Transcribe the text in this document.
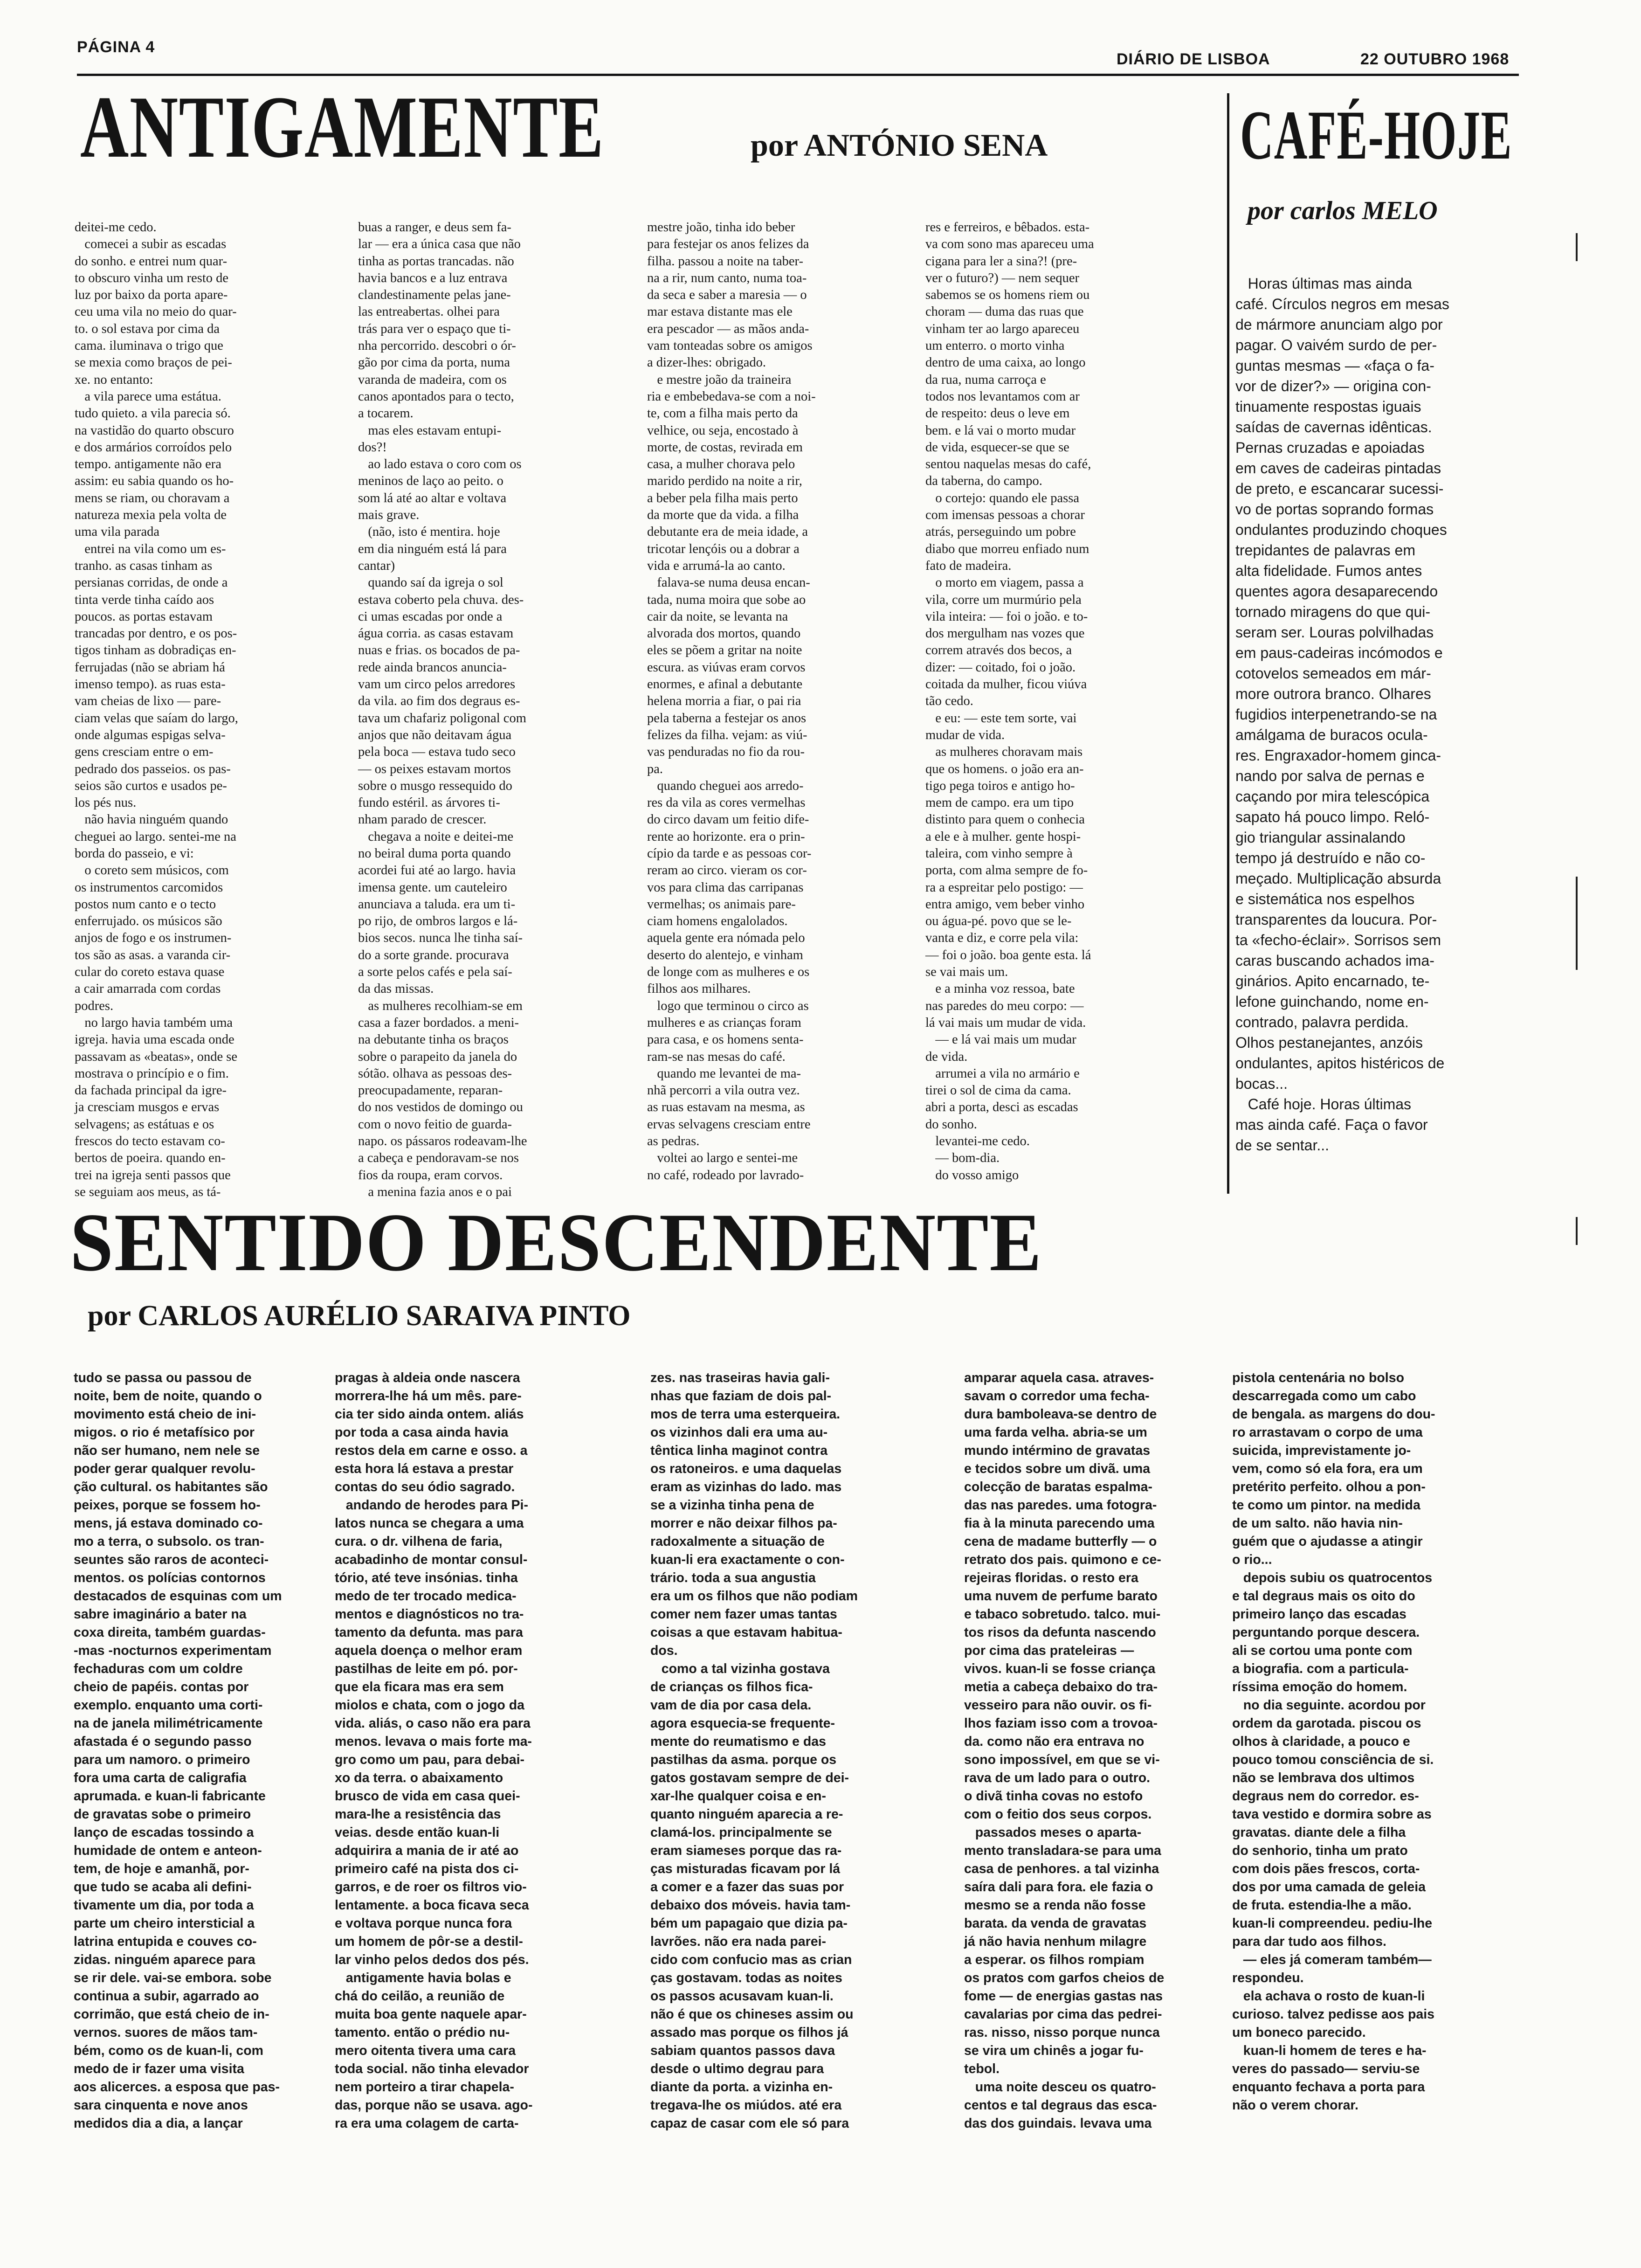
PÁGINA 4
DIÁRIO DE LISBOA	22 OUTUBRO 1968
ANTIGAMENTE	por ANTÓNIO SENA
deitei-me cedo.
comecei a subir as escadas
do sonho. e entrei num quar-
to obscuro vinha um resto de
luz por baixo da porta apare-
ceu uma vila no meio do quar-
to. o sol estava por cima da
cama. iluminava o trigo que
se mexia como braços de pei-
xe. no entanto:
a vila parece uma estátua.
tudo quieto. a vila parecia só.
na vastidão do quarto obscuro
e dos armários corroídos pelo
tempo. antigamente não era
assim: eu sabia quando os ho-
mens se riam, ou choravam a
natureza mexia pela volta de
uma vila parada
entrei na vila como um es-
tranho. as casas tinham as
persianas corridas, de onde a
tinta verde tinha caído aos
poucos. as portas estavam
trancadas por dentro, e os pos-
tigos tinham as dobradiças en-
ferrujadas (não se abriam há
imenso tempo). as ruas esta-
vam cheias de lixo — pare-
ciam velas que saíam do largo,
onde algumas espigas selva-
gens cresciam entre o em-
pedrado dos passeios. os pas-
seios são curtos e usados pe-
los pés nus.
não havia ninguém quando
cheguei ao largo. sentei-me na
borda do passeio, e vi:
o coreto sem músicos, com
os instrumentos carcomidos
postos num canto e o tecto
enferrujado. os músicos são
anjos de fogo e os instrumen-
tos são as asas. a varanda cir-
cular do coreto estava quase
a cair amarrada com cordas
podres.
no largo havia também uma
igreja. havia uma escada onde
passavam as «beatas», onde se
mostrava o princípio e o fim.
da fachada principal da igre-
ja cresciam musgos e ervas
selvagens; as estátuas e os
frescos do tecto estavam co-
bertos de poeira. quando en-
trei na igreja senti passos que
se seguiam aos meus, as tá-
buas a ranger, e deus sem fa-
lar — era a única casa que não
tinha as portas trancadas. não
havia bancos e a luz entrava
clandestinamente pelas jane-
las entreabertas. olhei para
trás para ver o espaço que ti-
nha percorrido. descobri o ór-
gão por cima da porta, numa
varanda de madeira, com os
canos apontados para o tecto,
a tocarem.
mas eles estavam entupi-
dos?!
ao lado estava o coro com os
meninos de laço ao peito. o
som lá até ao altar e voltava
mais grave.
(não, isto é mentira. hoje
em dia ninguém está lá para
cantar)
quando saí da igreja o sol
estava coberto pela chuva. des-
ci umas escadas por onde a
água corria. as casas estavam
nuas e frias. os bocados de pa-
rede ainda brancos anuncia-
vam um circo pelos arredores
da vila. ao fim dos degraus es-
tava um chafariz poligonal com
anjos que não deitavam água
pela boca — estava tudo seco
— os peixes estavam mortos
sobre o musgo ressequido do
fundo estéril. as árvores ti-
nham parado de crescer.
chegava a noite e deitei-me
no beiral duma porta quando
acordei fui até ao largo. havia
imensa gente. um cauteleiro
anunciava a taluda. era um ti-
po rijo, de ombros largos e lá-
bios secos. nunca lhe tinha saí-
do a sorte grande. procurava
a sorte pelos cafés e pela saí-
da das missas.
as mulheres recolhiam-se em
casa a fazer bordados. a meni-
na debutante tinha os braços
sobre o parapeito da janela do
sótão. olhava as pessoas des-
preocupadamente, reparan-
do nos vestidos de domingo ou
com o novo feitio de guarda-
napo. os pássaros rodeavam-lhe
a cabeça e pendoravam-se nos
fios da roupa, eram corvos.
a menina fazia anos e o pai
mestre joão, tinha ido beber
para festejar os anos felizes da
filha. passou a noite na taber-
na a rir, num canto, numa toa-
da seca e saber a maresia — o
mar estava distante mas ele
era pescador — as mãos anda-
vam tonteadas sobre os amigos
a dizer-lhes: obrigado.
e mestre joão da traineira
ria e embebedava-se com a noi-
te, com a filha mais perto da
velhice, ou seja, encostado à
morte, de costas, revirada em
casa, a mulher chorava pelo
marido perdido na noite a rir,
a beber pela filha mais perto
da morte que da vida. a filha
debutante era de meia idade, a
tricotar lençóis ou a dobrar a
vida e arrumá-la ao canto.
falava-se numa deusa encan-
tada, numa moira que sobe ao
cair da noite, se levanta na
alvorada dos mortos, quando
eles se põem a gritar na noite
escura. as viúvas eram corvos
enormes, e afinal a debutante
helena morria a fiar, o pai ria
pela taberna a festejar os anos
felizes da filha. vejam: as viú-
vas penduradas no fio da rou-
pa.
quando cheguei aos arredo-
res da vila as cores vermelhas
do circo davam um feitio dife-
rente ao horizonte. era o prin-
cípio da tarde e as pessoas cor-
reram ao circo. vieram os cor-
vos para clima das carripanas
vermelhas; os animais pare-
ciam homens engalolados.
aquela gente era nómada pelo
deserto do alentejo, e vinham
de longe com as mulheres e os
filhos aos milhares.
logo que terminou o circo as
mulheres e as crianças foram
para casa, e os homens senta-
ram-se nas mesas do café.
quando me levantei de ma-
nhã percorri a vila outra vez.
as ruas estavam na mesma, as
ervas selvagens cresciam entre
as pedras.
voltei ao largo e sentei-me
no café, rodeado por lavrado-
res e ferreiros, e bêbados. esta-
va com sono mas apareceu uma
cigana para ler a sina?! (pre-
ver o futuro?) — nem sequer
sabemos se os homens riem ou
choram — duma das ruas que
vinham ter ao largo apareceu
um enterro. o morto vinha
dentro de uma caixa, ao longo
da rua, numa carroça e
todos nos levantamos com ar
de respeito: deus o leve em
bem. e lá vai o morto mudar
de vida, esquecer-se que se
sentou naquelas mesas do café,
da taberna, do campo.
o cortejo: quando ele passa
com imensas pessoas a chorar
atrás, perseguindo um pobre
diabo que morreu enfiado num
fato de madeira.
o morto em viagem, passa a
vila, corre um murmúrio pela
vila inteira: — foi o joão. e to-
dos mergulham nas vozes que
correm através dos becos, a
dizer: — coitado, foi o joão.
coitada da mulher, ficou viúva
tão cedo.
e eu: — este tem sorte, vai
mudar de vida.
as mulheres choravam mais
que os homens. o joão era an-
tigo pega toiros e antigo ho-
mem de campo. era um tipo
distinto para quem o conhecia
a ele e à mulher. gente hospi-
taleira, com vinho sempre à
porta, com alma sempre de fo-
ra a espreitar pelo postigo: —
entra amigo, vem beber vinho
ou água-pé. povo que se le-
vanta e diz, e corre pela vila:
— foi o joão. boa gente esta. lá
se vai mais um.
e a minha voz ressoa, bate
nas paredes do meu corpo: —
lá vai mais um mudar de vida.
— e lá vai mais um mudar
de vida.
arrumei a vila no armário e
tirei o sol de cima da cama.
abri a porta, desci as escadas
do sonho.
levantei-me cedo.
— bom-dia.
do vosso amigo
CAFÉ-HOJE
por carlos MELO
Horas últimas mas ainda
café. Círculos negros em mesas
de mármore anunciam algo por
pagar. O vaivém surdo de per-
guntas mesmas — «faça o fa-
vor de dizer?» — origina con-
tinuamente respostas iguais
saídas de cavernas idênticas.
Pernas cruzadas e apoiadas
em caves de cadeiras pintadas
de preto, e escancarar sucessi-
vo de portas soprando formas
ondulantes produzindo choques
trepidantes de palavras em
alta fidelidade. Fumos antes
quentes agora desaparecendo
tornado miragens do que qui-
seram ser. Louras polvilhadas
em paus-cadeiras incómodos e
cotovelos semeados em már-
more outrora branco. Olhares
fugidios interpenetrando-se na
amálgama de buracos ocula-
res. Engraxador-homem ginca-
nando por salva de pernas e
caçando por mira telescópica
sapato há pouco limpo. Reló-
gio triangular assinalando
tempo já destruído e não co-
meçado. Multiplicação absurda
e sistemática nos espelhos
transparentes da loucura. Por-
ta «fecho-éclair». Sorrisos sem
caras buscando achados ima-
ginários. Apito encarnado, te-
lefone guinchando, nome en-
contrado, palavra perdida.
Olhos pestanejantes, anzóis
ondulantes, apitos histéricos de
bocas...
Café hoje. Horas últimas
mas ainda café. Faça o favor
de se sentar...
SENTIDO DESCENDENTE
por CARLOS AURÉLIO SARAIVA PINTO
tudo se passa ou passou de
noite, bem de noite, quando o
movimento está cheio de ini-
migos. o rio é metafísico por
não ser humano, nem nele se
poder gerar qualquer revolu-
ção cultural. os habitantes são
peixes, porque se fossem ho-
mens, já estava dominado co-
mo a terra, o subsolo. os tran-
seuntes são raros de aconteci-
mentos. os polícias contornos
destacados de esquinas com um
sabre imaginário a bater na
coxa direita, também guardas-
-mas -nocturnos experimentam
fechaduras com um coldre
cheio de papéis. contas por
exemplo. enquanto uma corti-
na de janela milimétricamente
afastada é o segundo passo
para um namoro. o primeiro
fora uma carta de caligrafia
aprumada. e kuan-li fabricante
de gravatas sobe o primeiro
lanço de escadas tossindo a
humidade de ontem e anteon-
tem, de hoje e amanhã, por-
que tudo se acaba ali defini-
tivamente um dia, por toda a
parte um cheiro intersticial a
latrina entupida e couves co-
zidas. ninguém aparece para
se rir dele. vai-se embora. sobe
continua a subir, agarrado ao
corrimão, que está cheio de in-
vernos. suores de mãos tam-
bém, como os de kuan-li, com
medo de ir fazer uma visita
aos alicerces. a esposa que pas-
sara cinquenta e nove anos
medidos dia a dia, a lançar
pragas à aldeia onde nascera
morrera-lhe há um mês. pare-
cia ter sido ainda ontem. aliás
por toda a casa ainda havia
restos dela em carne e osso. a
esta hora lá estava a prestar
contas do seu ódio sagrado.
andando de herodes para Pi-
latos nunca se chegara a uma
cura. o dr. vilhena de faria,
acabadinho de montar consul-
tório, até teve insónias. tinha
medo de ter trocado medica-
mentos e diagnósticos no tra-
tamento da defunta. mas para
aquela doença o melhor eram
pastilhas de leite em pó. por-
que ela ficara mas era sem
miolos e chata, com o jogo da
vida. aliás, o caso não era para
menos. levava o mais forte ma-
gro como um pau, para debai-
xo da terra. o abaixamento
brusco de vida em casa quei-
mara-lhe a resistência das
veias. desde então kuan-li
adquirira a mania de ir até ao
primeiro café na pista dos ci-
garros, e de roer os filtros vio-
lentamente. a boca ficava seca
e voltava porque nunca fora
um homem de pôr-se a destil-
lar vinho pelos dedos dos pés.
antigamente havia bolas e
chá do ceilão, a reunião de
muita boa gente naquele apar-
tamento. então o prédio nu-
mero oitenta tivera uma cara
toda social. não tinha elevador
nem porteiro a tirar chapela-
das, porque não se usava. ago-
ra era uma colagem de carta-
zes. nas traseiras havia gali-
nhas que faziam de dois pal-
mos de terra uma esterqueira.
os vizinhos dali era uma au-
têntica linha maginot contra
os ratoneiros. e uma daquelas
eram as vizinhas do lado. mas
se a vizinha tinha pena de
morrer e não deixar filhos pa-
radoxalmente a situação de
kuan-li era exactamente o con-
trário. toda a sua angustia
era um os filhos que não podiam
comer nem fazer umas tantas
coisas a que estavam habitua-
dos.
como a tal vizinha gostava
de crianças os filhos fica-
vam de dia por casa dela.
agora esquecia-se frequente-
mente do reumatismo e das
pastilhas da asma. porque os
gatos gostavam sempre de dei-
xar-lhe qualquer coisa e en-
quanto ninguém aparecia a re-
clamá-los. principalmente se
eram siameses porque das ra-
ças misturadas ficavam por lá
a comer e a fazer das suas por
debaixo dos móveis. havia tam-
bém um papagaio que dizia pa-
lavrões. não era nada parei-
cido com confucio mas as crian
ças gostavam. todas as noites
os passos acusavam kuan-li.
não é que os chineses assim ou
assado mas porque os filhos já
sabiam quantos passos dava
desde o ultimo degrau para
diante da porta. a vizinha en-
tregava-lhe os miúdos. até era
capaz de casar com ele só para
amparar aquela casa. atraves-
savam o corredor uma fecha-
dura bamboleava-se dentro de
uma farda velha. abria-se um
mundo intérmino de gravatas
e tecidos sobre um divã. uma
colecção de baratas espalma-
das nas paredes. uma fotogra-
fia à la minuta parecendo uma
cena de madame butterfly — o
retrato dos pais. quimono e ce-
rejeiras floridas. o resto era
uma nuvem de perfume barato
e tabaco sobretudo. talco. mui-
tos risos da defunta nascendo
por cima das prateleiras —
vivos. kuan-li se fosse criança
metia a cabeça debaixo do tra-
vesseiro para não ouvir. os fi-
lhos faziam isso com a trovoa-
da. como não era entrava no
sono impossível, em que se vi-
rava de um lado para o outro.
o divã tinha covas no estofo
com o feitio dos seus corpos.
passados meses o aparta-
mento transladara-se para uma
casa de penhores. a tal vizinha
saíra dali para fora. ele fazia o
mesmo se a renda não fosse
barata. da venda de gravatas
já não havia nenhum milagre
a esperar. os filhos rompiam
os pratos com garfos cheios de
fome — de energias gastas nas
cavalarias por cima das pedrei-
ras. nisso, nisso porque nunca
se vira um chinês a jogar fu-
tebol.
uma noite desceu os quatro-
centos e tal degraus das esca-
das dos guindais. levava uma
pistola centenária no bolso
descarregada como um cabo
de bengala. as margens do dou-
ro arrastavam o corpo de uma
suicida, imprevistamente jo-
vem, como só ela fora, era um
pretérito perfeito. olhou a pon-
te como um pintor. na medida
de um salto. não havia nin-
guém que o ajudasse a atingir
o rio...
depois subiu os quatrocentos
e tal degraus mais os oito do
primeiro lanço das escadas
perguntando porque descera.
ali se cortou uma ponte com
a biografia. com a particula-
ríssima emoção do homem.
no dia seguinte. acordou por
ordem da garotada. piscou os
olhos à claridade, a pouco e
pouco tomou consciência de si.
não se lembrava dos ultimos
degraus nem do corredor. es-
tava vestido e dormira sobre as
gravatas. diante dele a filha
do senhorio, tinha um prato
com dois pães frescos, corta-
dos por uma camada de geleia
de fruta. estendia-lhe a mão.
kuan-li compreendeu. pediu-lhe
para dar tudo aos filhos.
— eles já comeram também—
respondeu.
ela achava o rosto de kuan-li
curioso. talvez pedisse aos pais
um boneco parecido.
kuan-li homem de teres e ha-
veres do passado— serviu-se
enquanto fechava a porta para
não o verem chorar.
